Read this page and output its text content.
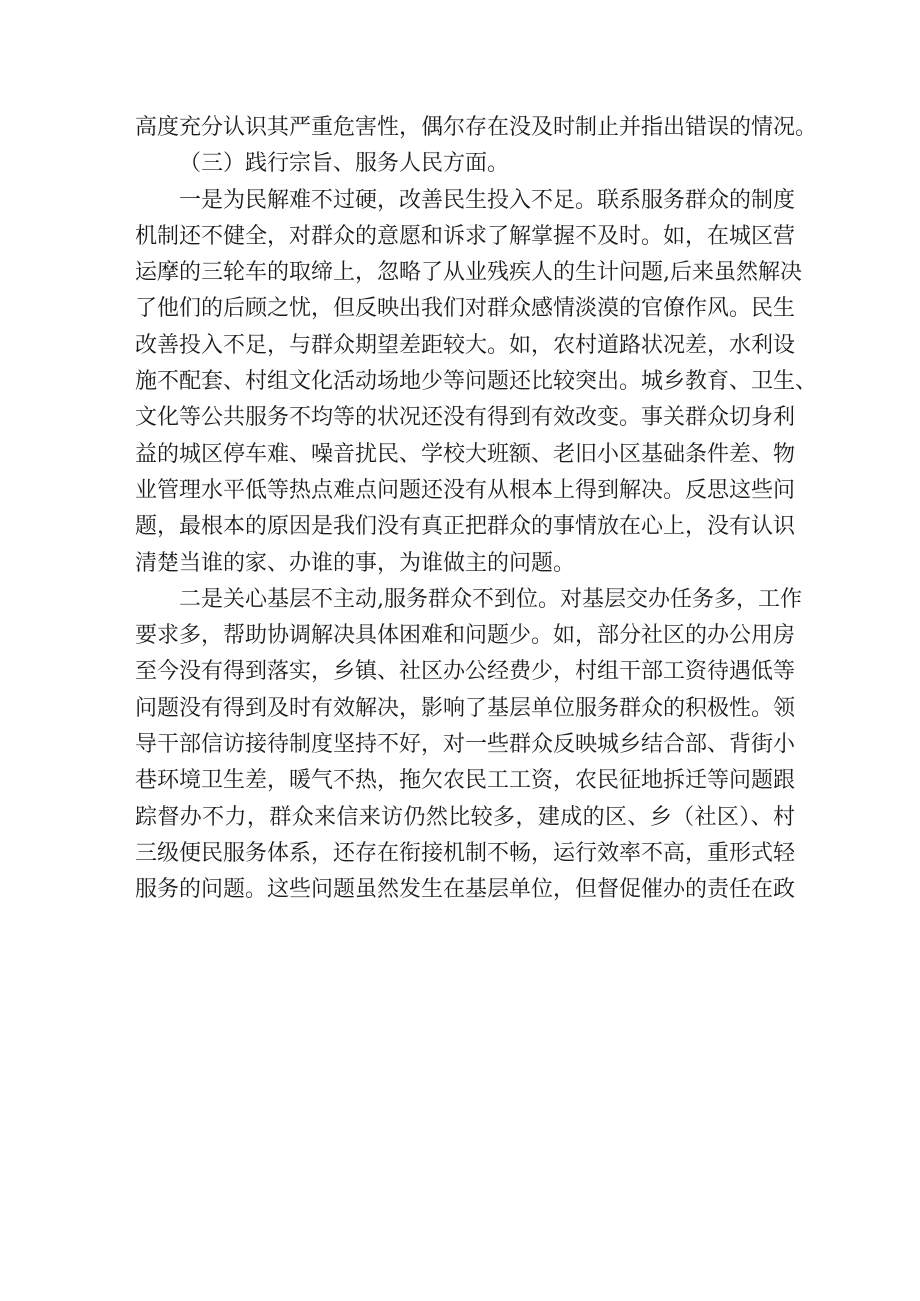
高度充分认识其严重危害性，偶尔存在没及时制止并指出错误的情况。
（三）践行宗旨、服务人民方面。
一是为民解难不过硬，改善民生投入不足。联系服务群众的制度
机制还不健全，对群众的意愿和诉求了解掌握不及时。如，在城区营
运摩的三轮车的取缔上，忽略了从业残疾人的生计问题,后来虽然解决
了他们的后顾之忧，但反映出我们对群众感情淡漠的官僚作风。民生
改善投入不足，与群众期望差距较大。如，农村道路状况差，水利设
施不配套、村组文化活动场地少等问题还比较突出。城乡教育、卫生、
文化等公共服务不均等的状况还没有得到有效改变。事关群众切身利
益的城区停车难、噪音扰民、学校大班额、老旧小区基础条件差、物
业管理水平低等热点难点问题还没有从根本上得到解决。反思这些问
题，最根本的原因是我们没有真正把群众的事情放在心上，没有认识
清楚当谁的家、办谁的事，为谁做主的问题。
二是关心基层不主动,服务群众不到位。对基层交办任务多，工作
要求多，帮助协调解决具体困难和问题少。如，部分社区的办公用房
至今没有得到落实，乡镇、社区办公经费少，村组干部工资待遇低等
问题没有得到及时有效解决，影响了基层单位服务群众的积极性。领
导干部信访接待制度坚持不好，对一些群众反映城乡结合部、背街小
巷环境卫生差，暖气不热，拖欠农民工工资，农民征地拆迁等问题跟
踪督办不力，群众来信来访仍然比较多，建成的区、乡（社区）、村
三级便民服务体系，还存在衔接机制不畅，运行效率不高，重形式轻
服务的问题。这些问题虽然发生在基层单位，但督促催办的责任在政
